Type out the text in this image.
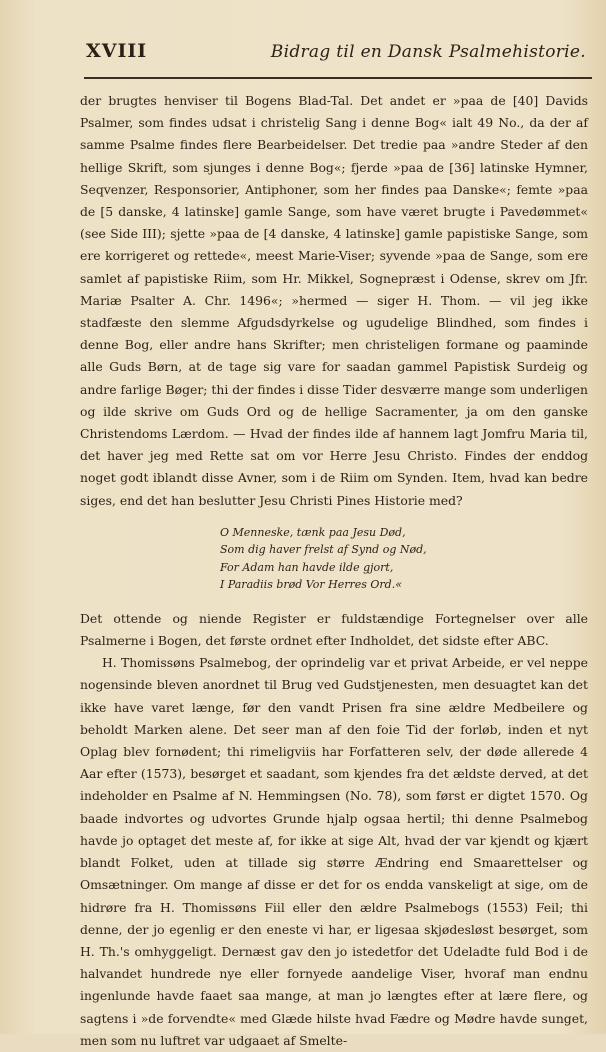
XVIII	Bidrag til en Dansk Psalmehistorie.

der brugtes henviser til Bogens Blad-Tal. Det andet er »paa de [40] Davids Psalmer, som findes udsat i christelig Sang i denne Bog« ialt 49 No., da der af samme Psalme findes flere Bearbeidelser. Det tredie paa »andre Steder af den hellige Skrift, som sjunges i denne Bog«; fjerde »paa de [36] latinske Hymner, Seqvenzer, Responsorier, Antiphoner, som her findes paa Danske«; femte »paa de [5 danske, 4 latinske] gamle Sange, som have været brugte i Pavedømmet« (see Side III); sjette »paa de [4 danske, 4 latinske] gamle papistiske Sange, som ere korrigeret og rettede«, meest Marie-Viser; syvende »paa de Sange, som ere samlet af papistiske Riim, som Hr. Mikkel, Sognepræst i Odense, skrev om Jfr. Mariæ Psalter A. Chr. 1496«; »hermed — siger H. Thom. — vil jeg ikke stadfæste den slemme Afgudsdyrkelse og ugudelige Blindhed, som findes i denne Bog, eller andre hans Skrifter; men christeligen formane og paaminde alle Guds Børn, at de tage sig vare for saadan gammel Papistisk Surdeig og andre farlige Bøger; thi der findes i disse Tider desværre mange som underligen og ilde skrive om Guds Ord og de hellige Sacramenter, ja om den ganske Christendoms Lærdom. — Hvad der findes ilde af hannem lagt Jomfru Maria til, det haver jeg med Rette sat om vor Herre Jesu Christo. Findes der enddog noget godt iblandt disse Avner, som i de Riim om Synden. Item, hvad kan bedre siges, end det han beslutter Jesu Christi Pines Historie med?

O Menneske, tænk paa Jesu Død,
Som dig haver frelst af Synd og Nød,
For Adam han havde ilde gjort,
I Paradiis brød Vor Herres Ord.«

Det ottende og niende Register er fuldstændige Fortegnelser over alle Psalmerne i Bogen, det første ordnet efter Indholdet, det sidste efter ABC.

H. Thomissøns Psalmebog, der oprindelig var et privat Arbeide, er vel neppe nogensinde bleven anordnet til Brug ved Gudstjenesten, men desuagtet kan det ikke have varet længe, før den vandt Prisen fra sine ældre Medbeilere og beholdt Marken alene. Det seer man af den foie Tid der forløb, inden et nyt Oplag blev fornødent; thi rimeligviis har Forfatteren selv, der døde allerede 4 Aar efter (1573), besørget et saadant, som kjendes fra det ældste derved, at det indeholder en Psalme af N. Hemmingsen (No. 78), som først er digtet 1570. Og baade indvortes og udvortes Grunde hjalp ogsaa hertil; thi denne Psalmebog havde jo optaget det meste af, for ikke at sige Alt, hvad der var kjendt og kjært blandt Folket, uden at tillade sig større Ændring end Smaarettelser og Omsætninger. Om mange af disse er det for os endda vanskeligt at sige, om de hidrøre fra H. Thomissøns Fiil eller den ældre Psalmebogs (1553) Feil; thi denne, der jo egenlig er den eneste vi har, er ligesaa skjødesløst besørget, som H. Th.'s omhyggeligt. Dernæst gav den jo istedetfor det Udeladte fuld Bod i de halvandet hundrede nye eller fornyede aandelige Viser, hvoraf man endnu ingenlunde havde faaet saa mange, at man jo længtes efter at lære flere, og sagtens i »de forvendte« med Glæde hilste hvad Fædre og Mødre havde sunget, men som nu luftret var udgaaet af Smelte-
